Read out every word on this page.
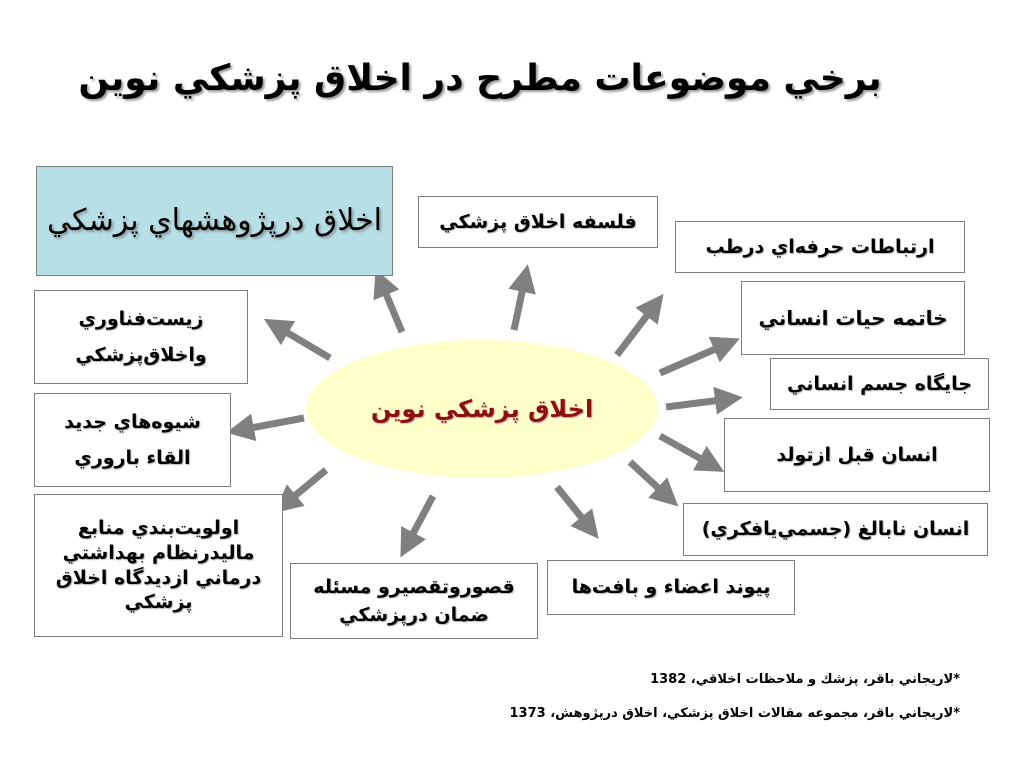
برخي موضوعات مطرح در اخلاق پزشكي نوين
اخلاق پزشكي نوين
اخلاق درپژوهشهاي پزشكي	فلسفه اخلاق پزشكي
ارتباطات حرفه‌اي درطب
خاتمه حيات انساني
جايگاه جسم انساني
انسان قبل ازتولد
انسان نابالغ (جسمي‌يافكري)
پيوند اعضاء و بافت‌ها
قصوروتقصيرو مسئله ضمان درپزشكي
اولويت‌بندي منابع ماليدرنظام بهداشتي درماني ازديدگاه اخلاق پزشكي
شيوه‌هاي جديد القاء باروري
زيست‌فناوري واخلاق‌پزشكي
*لاريجاني باقر، پزشك و ملاحظات اخلاقي، 1382
*لاريجاني باقر، مجموعه مقالات اخلاق پزشكي، اخلاق درپژوهش، 1373
